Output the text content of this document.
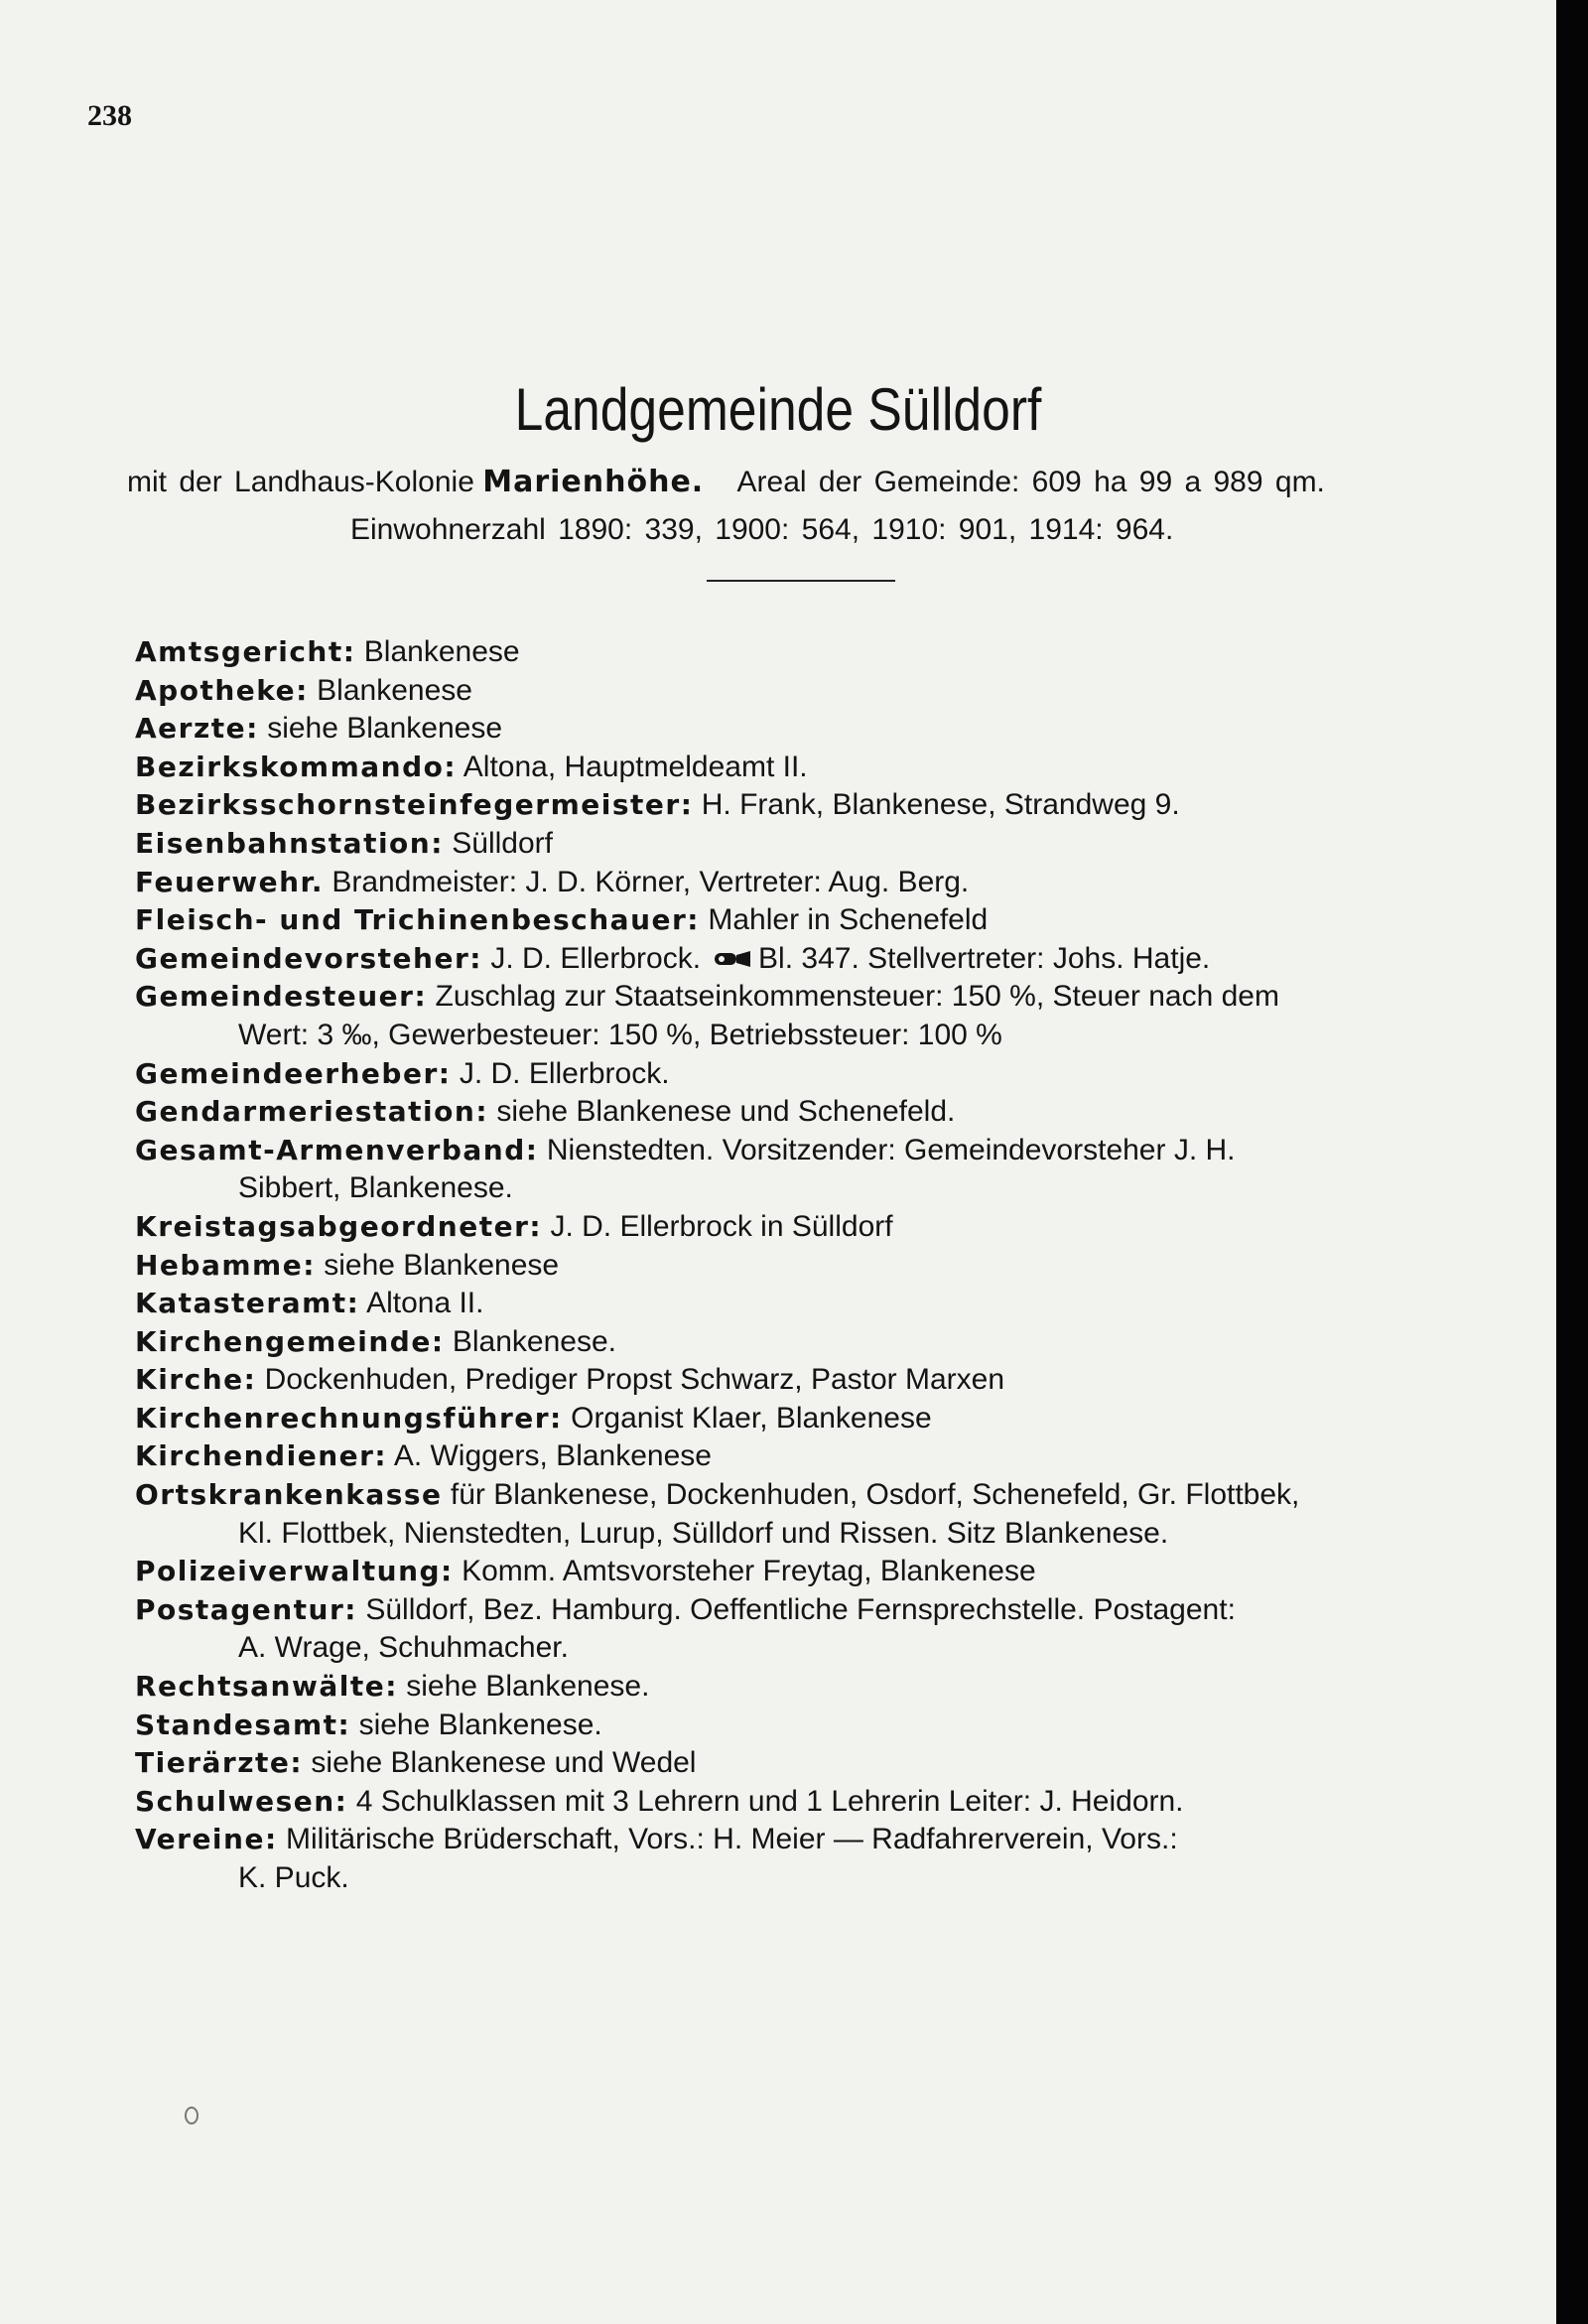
238
Landgemeinde Sülldorf
mit der Landhaus-Kolonie Marienhöhe. Areal der Gemeinde: 609 ha 99 a 989 qm.
Einwohnerzahl 1890: 339, 1900: 564, 1910: 901, 1914: 964.
Amtsgericht: Blankenese
Apotheke: Blankenese
Aerzte: siehe Blankenese
Bezirkskommando: Altona, Hauptmeldeamt II.
Bezirksschornsteinfegermeister: H. Frank, Blankenese, Strandweg 9.
Eisenbahnstation: Sülldorf
Feuerwehr. Brandmeister: J. D. Körner, Vertreter: Aug. Berg.
Fleisch- und Trichinenbeschauer: Mahler in Schenefeld
Gemeindevorsteher: J. D. Ellerbrock. Bl. 347. Stellvertreter: Johs. Hatje.
Gemeindesteuer: Zuschlag zur Staatseinkommensteuer: 150 %, Steuer nach dem
Wert: 3 ‰, Gewerbesteuer: 150 %, Betriebssteuer: 100 %
Gemeindeerheber: J. D. Ellerbrock.
Gendarmeriestation: siehe Blankenese und Schenefeld.
Gesamt-Armenverband: Nienstedten. Vorsitzender: Gemeindevorsteher J. H.
Sibbert, Blankenese.
Kreistagsabgeordneter: J. D. Ellerbrock in Sülldorf
Hebamme: siehe Blankenese
Katasteramt: Altona II.
Kirchengemeinde: Blankenese.
Kirche: Dockenhuden, Prediger Propst Schwarz, Pastor Marxen
Kirchenrechnungsführer: Organist Klaer, Blankenese
Kirchendiener: A. Wiggers, Blankenese
Ortskrankenkasse für Blankenese, Dockenhuden, Osdorf, Schenefeld, Gr. Flottbek,
Kl. Flottbek, Nienstedten, Lurup, Sülldorf und Rissen. Sitz Blankenese.
Polizeiverwaltung: Komm. Amtsvorsteher Freytag, Blankenese
Postagentur: Sülldorf, Bez. Hamburg. Oeffentliche Fernsprechstelle. Postagent:
A. Wrage, Schuhmacher.
Rechtsanwälte: siehe Blankenese.
Standesamt: siehe Blankenese.
Tierärzte: siehe Blankenese und Wedel
Schulwesen: 4 Schulklassen mit 3 Lehrern und 1 Lehrerin Leiter: J. Heidorn.
Vereine: Militärische Brüderschaft, Vors.: H. Meier — Radfahrerverein, Vors.:
K. Puck.
